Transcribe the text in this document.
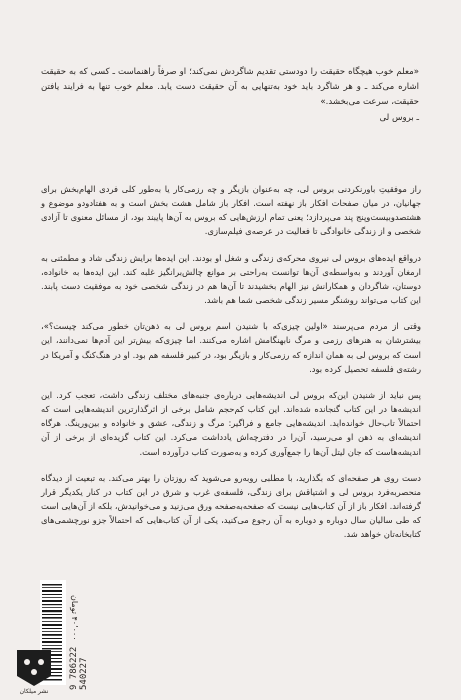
«معلم خوب هیچگاه حقیقت را دودستی تقدیم شاگردش نمی‌کند؛ او صرفاً راهنماست ـ کسی که به حقیقت اشاره می‌کند ـ و هر شاگرد باید خود به‌تنهایی به آن حقیقت دست یابد. معلم خوب تنها به فرایند یافتن حقیقت، سرعت می‌بخشد.»
ـ بروس لی

راز موفقیتِ باورنکردنی بروس لی، چه به‌عنوان بازیگر و چه رزمی‌کار یا به‌طور کلی فردی الهام‌بخش برای جهانیان، در میان صفحات افکار باز نهفته است. افکار باز شامل هشت بخش است و به هفتادودو موضوع و هشتصدوبیست‌وپنج پند می‌پردازد؛ یعنی تمام ارزش‌هایی که بروس به آن‌ها پایبند بود، از مسائل معنوی تا آزادی شخصی و از زندگی خانوادگی تا فعالیت در عرصه‌ی فیلم‌سازی.

درواقع ایده‌های بروس لی نیروی محرکه‌ی زندگی و شغل او بودند. این ایده‌ها برایش زندگی شاد و مطمئنی به ارمغان آوردند و به‌واسطه‌ی آن‌ها توانست به‌راحتی بر موانع چالش‌برانگیز غلبه کند. این ایده‌ها به خانواده، دوستان، شاگردان و همکارانش نیز الهام بخشیدند تا آن‌ها هم در زندگی شخصی خود به موفقیت دست پابند. این کتاب می‌تواند روشنگر مسیر زندگی شخصی شما هم باشد.

وقتی از مردم می‌پرسند «اولین چیزی‌که با شنیدن اسم بروس لی به ذهن‌تان خطور می‌کند چیست؟»، بیشترشان به هنرهای رزمی و مرگ نابهنگامش اشاره می‌کنند. اما چیزی‌که بیش‌تر این آدم‌ها نمی‌دانند، این است که بروس لی به همان اندازه که رزمی‌کار و بازیگر بود، در کبیر فلسفه هم بود. او در هنگ‌کنگ و آمریکا در رشته‌ی فلسفه تحصیل کرده بود.

پس نباید از شنیدن این‌که بروس لی اندیشه‌هایی درباره‌ی جنبه‌های مختلف زندگی داشت، تعجب کرد. این اندیشه‌ها در این کتاب گنجانده شده‌اند. این کتاب کم‌حجم شامل برخی از اثرگذارترین اندیشه‌هایی است که احتمالاً تاب‌حال خوانده‌اید. اندیشه‌هایی جامع و فراگیر: مرگ و زندگی، عشق و خانواده و بین‌ورینگ. هرگاه اندیشه‌ای به ذهن او می‌رسید، آن‌را در دفترچه‌اش یادداشت می‌کرد. این کتاب گزیده‌ای از برخی از آن اندیشه‌هاست که جان لیتل آن‌ها را جمع‌آوری کرده و به‌صورت کتاب درآورده است.

دست روی هر صفحه‌ای که بگذارید، با مطلبی روبه‌رو می‌شوید که روزتان را بهتر می‌کند. به تبعیت از دیدگاه منحصربه‌فرد بروس لی و اشتیاقش برای زندگی، فلسفه‌ی غرب و شرق در این کتاب در کنار یکدیگر قرار گرفته‌اند. افکار باز از آن کتاب‌هایی نیست که صفحه‌به‌صفحه ورق می‌زنید و می‌خوانیدش، بلکه از آن‌هایی است که طی سالیان سال دوباره و دوباره به آن رجوع می‌کنید، یکی از آن کتاب‌هایی که احتمالاً جزو نورچشمی‌های کتابخانه‌تان خواهد شد.

۴۰٬۰۰۰ تومان
9 786222 540227
نشر میلکان
